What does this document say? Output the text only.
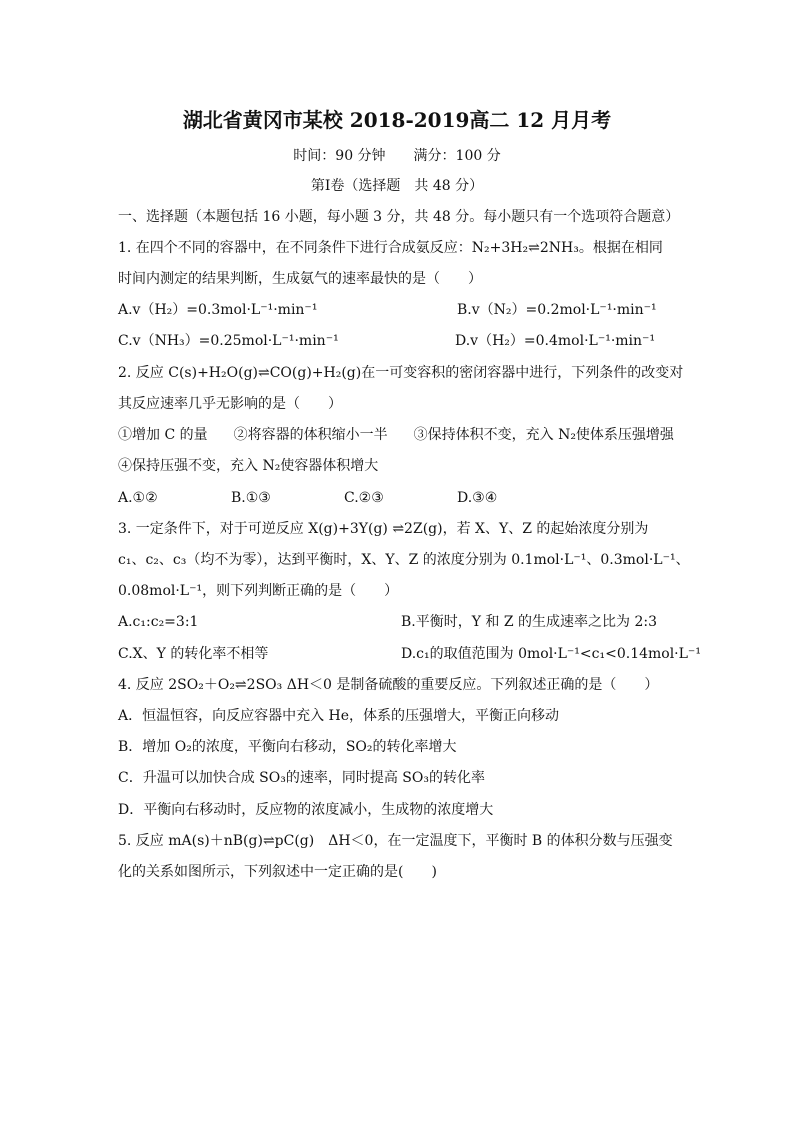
湖北省黄冈市某校 2018-2019高二 12 月月考
时间：90 分钟 满分：100 分
第Ⅰ卷（选择题　共 48 分）
一、选择题（本题包括 16 小题，每小题 3 分，共 48 分。每小题只有一个选项符合题意）
1. 在四个不同的容器中，在不同条件下进行合成氨反应：N₂+3H₂⇌2NH₃。根据在相同
时间内测定的结果判断，生成氨气的速率最快的是（　　）
A.v（H₂）=0.3mol·L⁻¹·min⁻¹	B.v（N₂）=0.2mol·L⁻¹·min⁻¹
C.v（NH₃）=0.25mol·L⁻¹·min⁻¹	D.v（H₂）=0.4mol·L⁻¹·min⁻¹
2. 反应 C(s)+H₂O(g)⇌CO(g)+H₂(g)在一可变容积的密闭容器中进行，下列条件的改变对
其反应速率几乎无影响的是（　　）
①增加 C 的量 ②将容器的体积缩小一半 ③保持体积不变，充入 N₂使体系压强增强
④保持压强不变，充入 N₂使容器体积增大
A.①②	B.①③	C.②③	D.③④
3. 一定条件下，对于可逆反应 X(g)+3Y(g) ⇌2Z(g)，若 X、Y、Z 的起始浓度分别为
c₁、c₂、c₃（均不为零），达到平衡时，X、Y、Z 的浓度分别为 0.1mol·L⁻¹、0.3mol·L⁻¹、
0.08mol·L⁻¹，则下列判断正确的是（　　）
A.c₁:c₂=3:1	B.平衡时，Y 和 Z 的生成速率之比为 2:3
C.X、Y 的转化率不相等	D.c₁的取值范围为 0mol·L⁻¹<c₁<0.14mol·L⁻¹
4. 反应 2SO₂＋O₂⇌2SO₃ ΔH＜0 是制备硫酸的重要反应。下列叙述正确的是（　　）
A．恒温恒容，向反应容器中充入 He，体系的压强增大，平衡正向移动
B．增加 O₂的浓度，平衡向右移动，SO₂的转化率增大
C．升温可以加快合成 SO₃的速率，同时提高 SO₃的转化率
D．平衡向右移动时，反应物的浓度减小，生成物的浓度增大
5. 反应 mA(s)＋nB(g)⇌pC(g)　ΔH＜0，在一定温度下，平衡时 B 的体积分数与压强变
化的关系如图所示，下列叙述中一定正确的是(　　)
